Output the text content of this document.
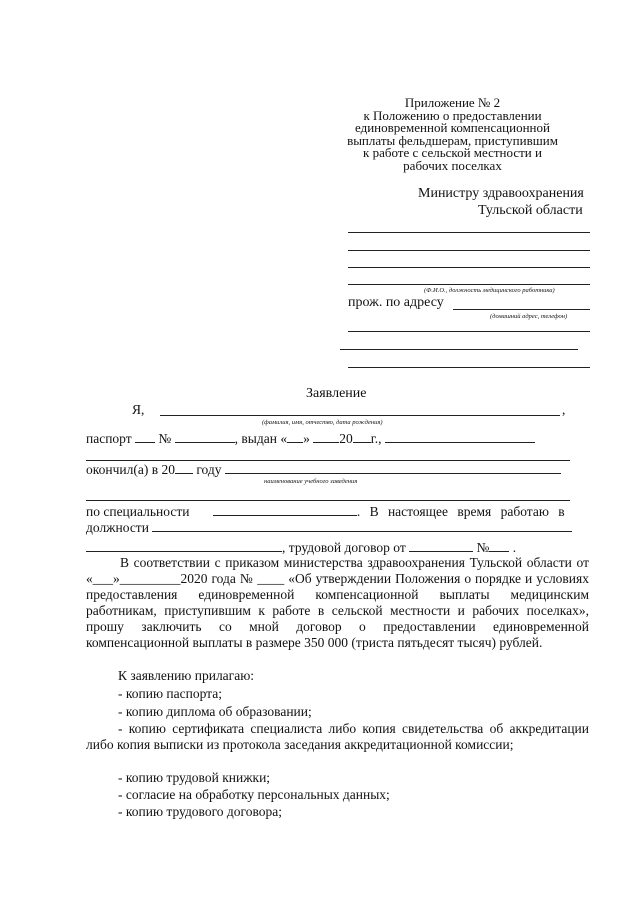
Приложение № 2
к Положению о предоставлении
единовременной компенсационной
выплаты фельдшерам, приступившим
к работе с сельской местности и
рабочих поселках
Министру здравоохранения
Тульской области
(Ф.И.О., должность медицинского работника)
прож. по адресу
(домашний адрес, телефон)
Заявление
Я,	,
(фамилия, имя, отчество, дата рождения)
паспорт №	, выдан « » 20 г.,
окончил(а) в 20 году
наименование учебного заведения
по специальности	. В настоящее время работаю в
должности
, трудовой договор от	№ .
В соответствии с приказом министерства здравоохранения Тульской области от «___»_________2020 года № ____ «Об утверждении Положения о порядке и условиях предоставления единовременной компенсационной выплаты медицинским работникам, приступившим к работе в сельской местности и рабочих поселках», прошу заключить со мной договор о предоставлении единовременной компенсационной выплаты в размере 350 000 (триста пятьдесят тысяч) рублей.
К заявлению прилагаю:
- копию паспорта;
- копию диплома об образовании;
- копию сертификата специалиста либо копия свидетельства об аккредитации либо копия выписки из протокола заседания аккредитационной комиссии;
- копию трудовой книжки;
- согласие на обработку персональных данных;
- копию трудового договора;
